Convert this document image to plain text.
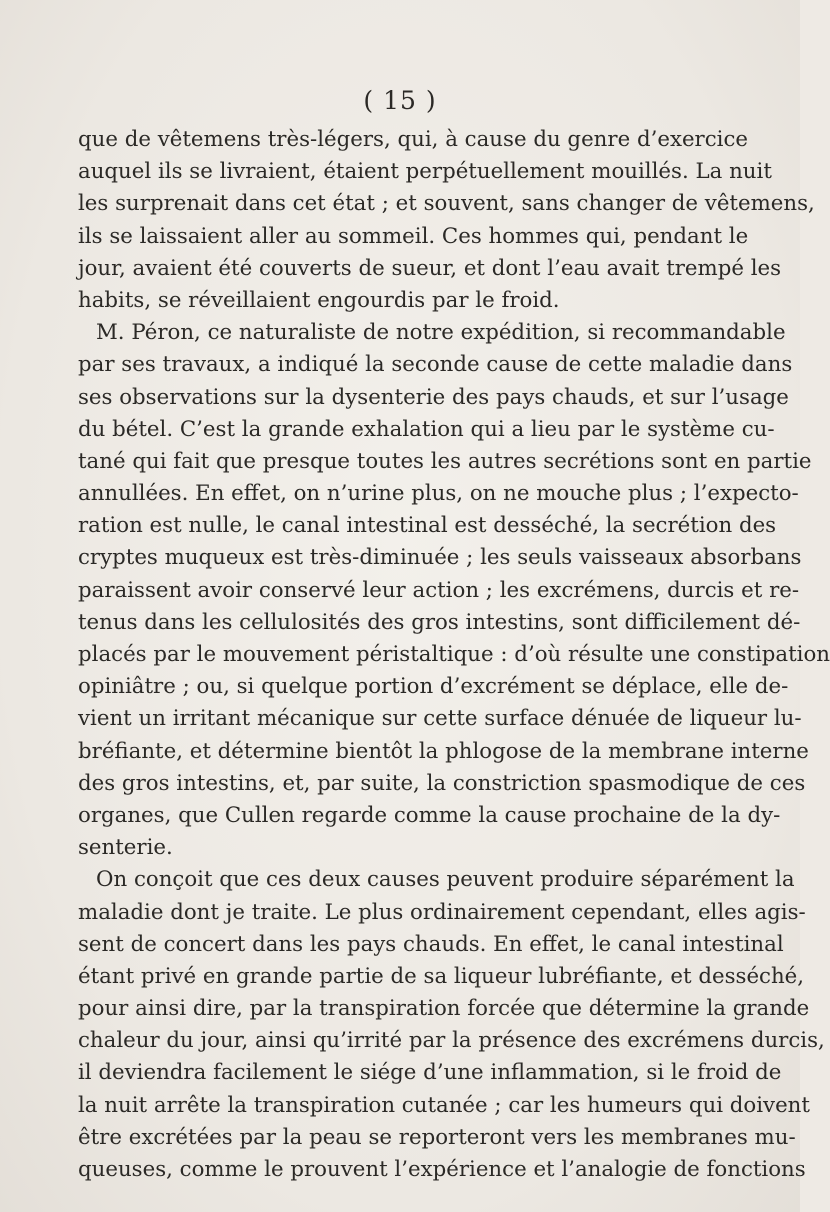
( 15 )
que de vêtemens très-légers, qui, à cause du genre d’exercice
auquel ils se livraient, étaient perpétuellement mouillés. La nuit
les surprenait dans cet état ; et souvent, sans changer de vêtemens,
ils se laissaient aller au sommeil. Ces hommes qui, pendant le
jour, avaient été couverts de sueur, et dont l’eau avait trempé les
habits, se réveillaient engourdis par le froid.
M. Péron, ce naturaliste de notre expédition, si recommandable
par ses travaux, a indiqué la seconde cause de cette maladie dans
ses observations sur la dysenterie des pays chauds, et sur l’usage
du bétel. C’est la grande exhalation qui a lieu par le système cu-
tané qui fait que presque toutes les autres secrétions sont en partie
annullées. En effet, on n’urine plus, on ne mouche plus ; l’expecto-
ration est nulle, le canal intestinal est desséché, la secrétion des
cryptes muqueux est très-diminuée ; les seuls vaisseaux absorbans
paraissent avoir conservé leur action ; les excrémens, durcis et re-
tenus dans les cellulosités des gros intestins, sont difficilement dé-
placés par le mouvement péristaltique : d’où résulte une constipation
opiniâtre ; ou, si quelque portion d’excrément se déplace, elle de-
vient un irritant mécanique sur cette surface dénuée de liqueur lu-
bréfiante, et détermine bientôt la phlogose de la membrane interne
des gros intestins, et, par suite, la constriction spasmodique de ces
organes, que Cullen regarde comme la cause prochaine de la dy-
senterie.
On conçoit que ces deux causes peuvent produire séparément la
maladie dont je traite. Le plus ordinairement cependant, elles agis-
sent de concert dans les pays chauds. En effet, le canal intestinal
étant privé en grande partie de sa liqueur lubréfiante, et desséché,
pour ainsi dire, par la transpiration forcée que détermine la grande
chaleur du jour, ainsi qu’irrité par la présence des excrémens durcis,
il deviendra facilement le siége d’une inflammation, si le froid de
la nuit arrête la transpiration cutanée ; car les humeurs qui doivent
être excrétées par la peau se reporteront vers les membranes mu-
queuses, comme le prouvent l’expérience et l’analogie de fonctions
